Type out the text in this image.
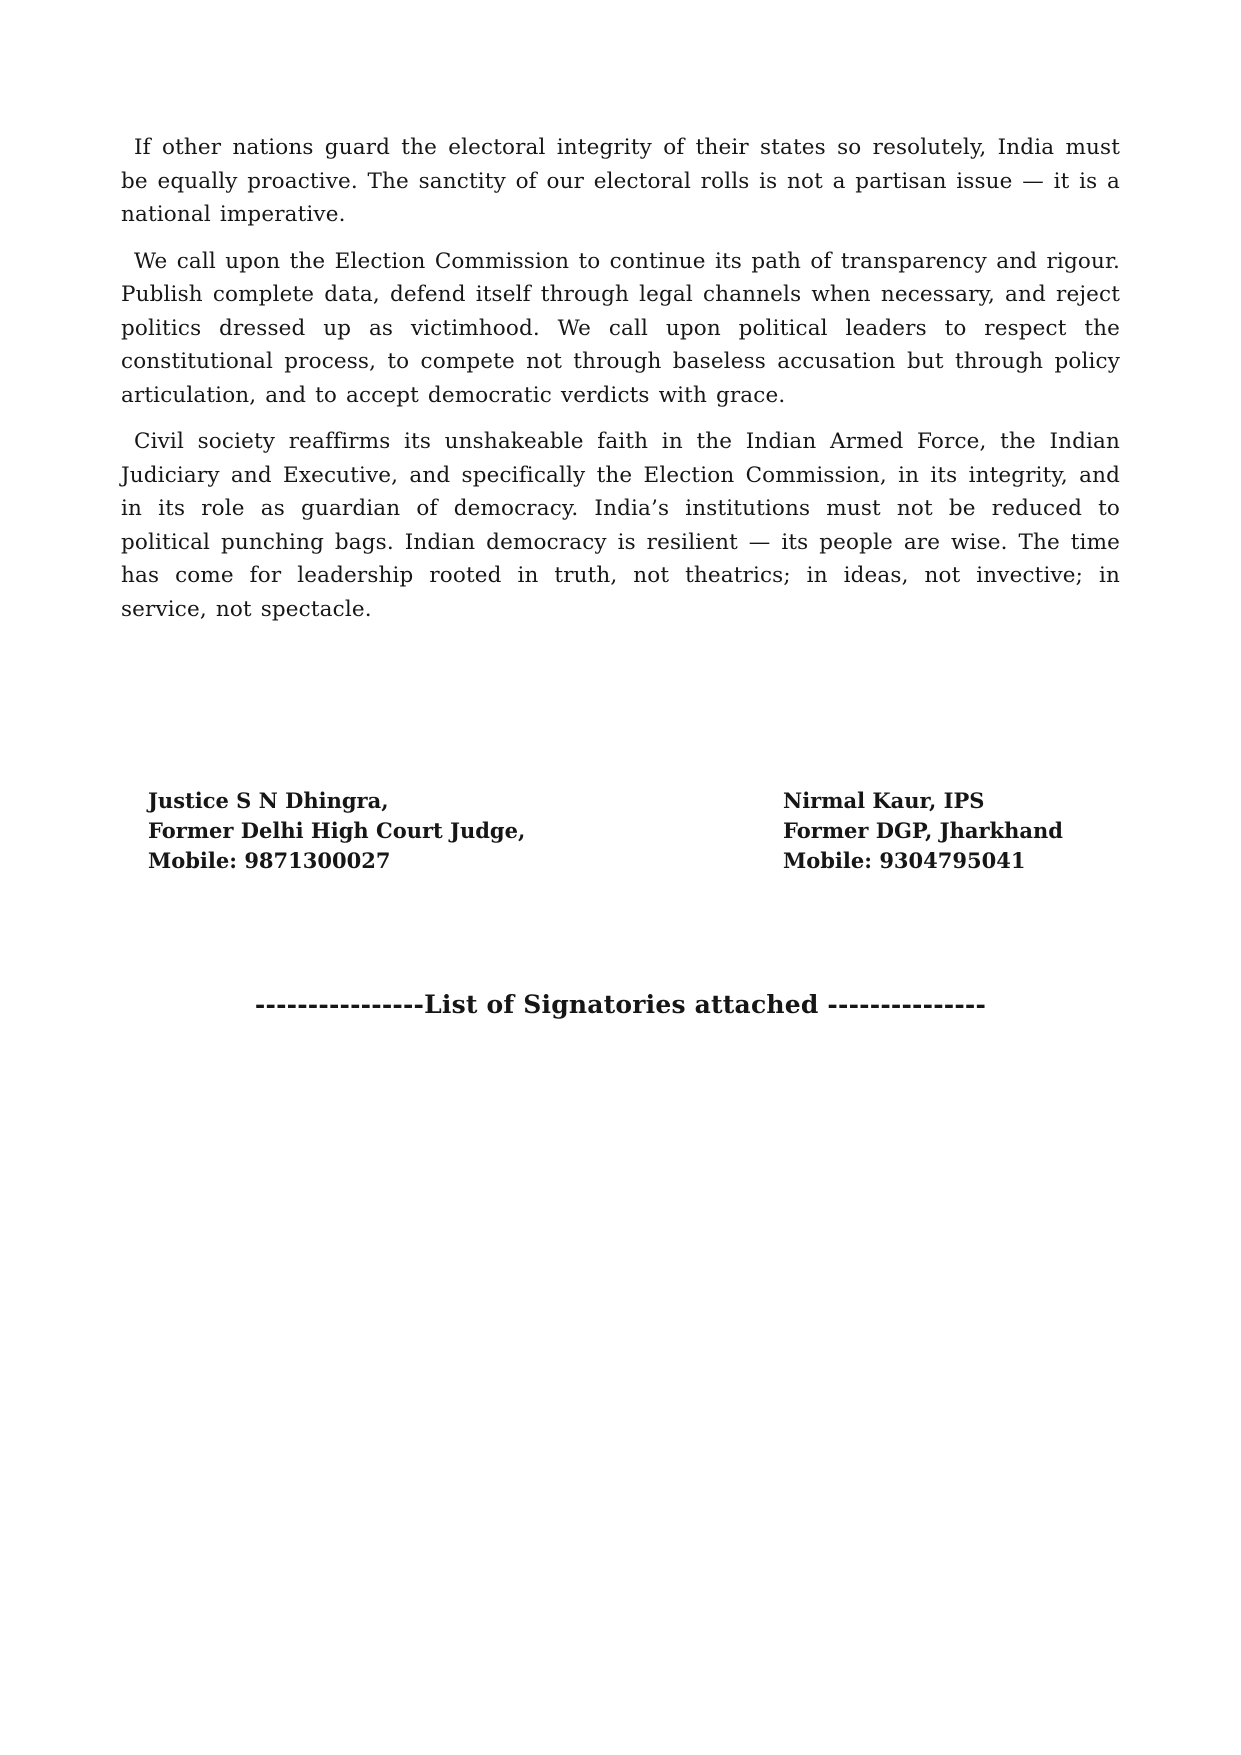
If other nations guard the electoral integrity of their states so resolutely, India must be equally proactive. The sanctity of our electoral rolls is not a partisan issue — it is a national imperative.

We call upon the Election Commission to continue its path of transparency and rigour. Publish complete data, defend itself through legal channels when necessary, and reject politics dressed up as victimhood. We call upon political leaders to respect the constitutional process, to compete not through baseless accusation but through policy articulation, and to accept democratic verdicts with grace.

Civil society reaffirms its unshakeable faith in the Indian Armed Force, the Indian Judiciary and Executive, and specifically the Election Commission, in its integrity, and in its role as guardian of democracy. India’s institutions must not be reduced to political punching bags. Indian democracy is resilient — its people are wise. The time has come for leadership rooted in truth, not theatrics; in ideas, not invective; in service, not spectacle.

Justice S N Dhingra,
Former Delhi High Court Judge,
Mobile: 9871300027
Nirmal Kaur, IPS
Former DGP, Jharkhand
Mobile: 9304795041
----------------List of Signatories attached ---------------
